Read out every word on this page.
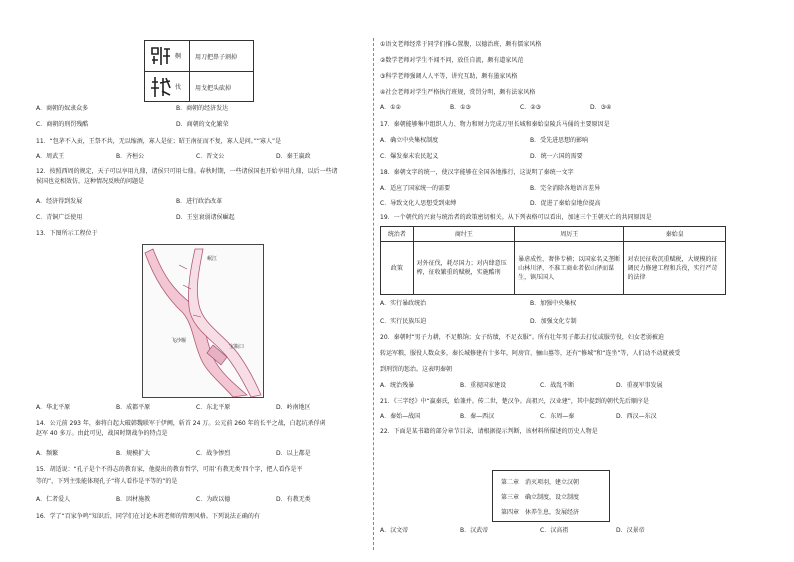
劓 用刀把鼻子割掉
伐 用戈把头砍掉
A．商朝的奴隶众多	B．商朝的经济发达
C．商朝的刑罚残酷	D．商朝的文化繁荣
11．“包茅不入贡，王祭不共，无以缩酒，寡人是征；昭王南征而不复，寡人是问。”“寡人”是
A．周武王	B．齐桓公	C．晋文公	D．秦王嬴政
12．按照西周的规定，天子可以享用九鼎，诸侯只可用七鼎。春秋时期，一些诸侯国也开始享用九鼎，以后一些诸
侯国也竞相效仿，这种情况反映的问题是
A．经济得到发展	B．进行政治改革
C．青铜广泛使用	D．王室衰弱诸侯崛起
13．下图所示工程位于
岷江
宝瓶口
飞沙堰
A．华北平原	B．成都平原	C．东北平原	D．岭南地区
14．公元前 293 年，秦将白起大破韩魏联军于伊阙，斩首 24 万。公元前 260 年的长平之战，白起坑杀俘虏
赵军 40 多万。由此可见，战国时期战争的特点是
A．频繁	B．规模扩大	C．战争惨烈	D．以上都是
15．胡适说：“孔子是个不得志的教育家，他提出的教育哲学，可用‘有教无类’四个字，把人看作是平
等的”，下列主张能体现孔子“将人看作是平等的”的是
A．仁者爱人	B．因材施教	C．为政以德	D．有教无类
16．学了“百家争鸣”知识后，同学们在讨论本班老师的管理风格。下列说法正确的有
①语文老师经常于同学们推心置腹，以德治班，颇有儒家风格
②数学老师对学生不闻不问，放任自流，颇有道家风范
③科学老师强调人人平等，讲究互助，颇有墨家风格
④社会老师对学生严格执行班规，赏罚分明，颇有法家风格
A．①②	B．①③	C．②③	D．③④
17．秦朝能够集中组织人力、物力和财力完成万里长城和秦始皇陵兵马俑的主要原因是
A．确立中央集权制度	B．受先进思想的影响
C．爆发秦末农民起义	D．统一六国的需要
18．秦朝文字的统一，使汉字能够在全国各地推行，这说明了秦统一文字
A．适应了国家统一的需要	B．完全消除各地语言差异
C．导致文化人思想受到束缚	D．促进了秦始皇地位提高
19．一个朝代的兴衰与统治者的政策密切相关。从下列表格可以看出，加速三个王朝灭亡的共同原因是
统治者	商纣王	周厉王	秦始皇
政策	对外征伐，耗尽国力；对内肆意压榨，征收繁重的赋税，实施酷刑	暴虐成性，奢侈专横；以国家名义垄断山林川泽，不准工商业者依山泽而谋生，镇压国人	对农民征收沉重赋税，大规模的征调民力修建工程和兵役，实行严苛的法律
A．实行暴政统治	B．加强中央集权
C．实行民族压迫	D．加强文化专制
20．秦朝时“男子力耕，不足粮饷；女子纺绩，不足衣服”。所有壮年男子都去打仗或服劳役，妇女老弱被迫
转运军粮，服役人数众多，秦长城修建有十多年，阿房宫、骊山墓等，还有“修城”和“连坐”等，人们动不动就被受
到刑罚的惩治。这表明秦朝
A．统治残暴	B．重视国家建设	C．战乱不断	D．重视军事发展
21．《三字经》中“嬴秦氏，始兼并。传二世，楚汉争。高祖兴，汉业建”，其中提到的朝代先后顺序是
A．秦始—战国	B．秦—西汉	C．东周—秦	D．西汉—东汉
22．下面是某书籍的部分章节目录，请根据提示判断，该材料所描述的历史人物是
第二章　消灭项羽，建立汉朝
第三章　确立制度，设立制度
第四章　休养生息，发展经济
A．汉文帝	B．汉武帝	C．汉高祖	D．汉景帝
